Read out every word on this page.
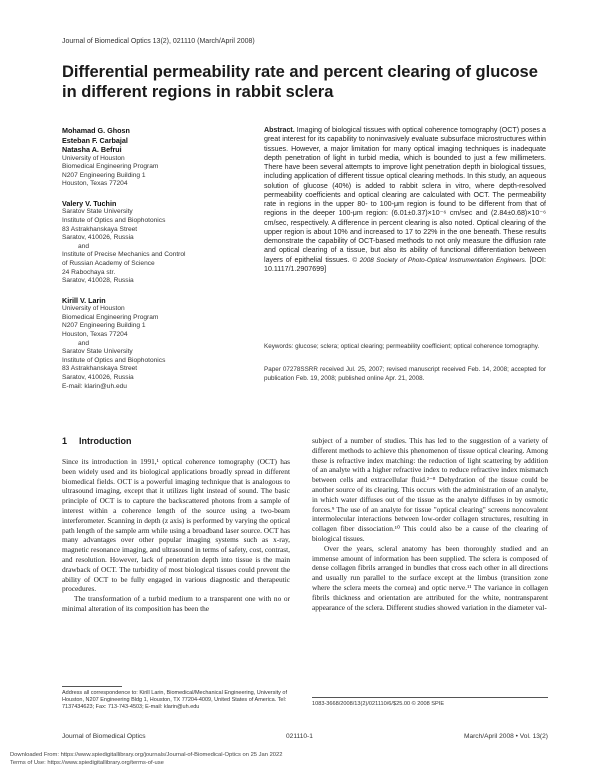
Journal of Biomedical Optics 13(2), 021110 (March/April 2008)
Differential permeability rate and percent clearing of glucose in different regions in rabbit sclera
Mohamad G. Ghosn
Esteban F. Carbajal
Natasha A. Befrui
University of Houston
Biomedical Engineering Program
N207 Engineering Building 1
Houston, Texas 77204
Valery V. Tuchin
Saratov State University
Institute of Optics and Biophotonics
83 Astrakhanskaya Street
Saratov, 410026, Russia
and
Institute of Precise Mechanics and Control
of Russian Academy of Science
24 Rabochaya str.
Saratov, 410028, Russia
Kirill V. Larin
University of Houston
Biomedical Engineering Program
N207 Engineering Building 1
Houston, Texas 77204
and
Saratov State University
Institute of Optics and Biophotonics
83 Astrakhanskaya Street
Saratov, 410026, Russia
E-mail: klarin@uh.edu
Abstract. Imaging of biological tissues with optical coherence tomography (OCT) poses a great interest for its capability to noninvasively evaluate subsurface microstructures within tissues. However, a major limitation for many optical imaging techniques is inadequate depth penetration of light in turbid media, which is bounded to just a few millimeters. There have been several attempts to improve light penetration depth in biological tissues, including application of different tissue optical clearing methods. In this study, an aqueous solution of glucose (40%) is added to rabbit sclera in vitro, where depth-resolved permeability coefficients and optical clearing are calculated with OCT. The permeability rate in regions in the upper 80- to 100-μm region is found to be different from that of regions in the deeper 100-μm region: (6.01±0.37)×10⁻⁶ cm/sec and (2.84±0.68)×10⁻⁶ cm/sec, respectively. A difference in percent clearing is also noted. Optical clearing of the upper region is about 10% and increased to 17 to 22% in the one beneath. These results demonstrate the capability of OCT-based methods to not only measure the diffusion rate and optical clearing of a tissue, but also its ability of functional differentiation between layers of epithelial tissues. © 2008 Society of Photo-Optical Instrumentation Engineers. [DOI: 10.1117/1.2907699]
Keywords: glucose; sclera; optical clearing; permeability coefficient; optical coherence tomography.
Paper 07278SSRR received Jul. 25, 2007; revised manuscript received Feb. 14, 2008; accepted for publication Feb. 19, 2008; published online Apr. 21, 2008.
1 Introduction

Since its introduction in 1991,¹ optical coherence tomography (OCT) has been widely used and its biological applications broadly spread in different biomedical fields. OCT is a powerful imaging technique that is analogous to ultrasound imaging, except that it utilizes light instead of sound. The basic principle of OCT is to capture the backscattered photons from a sample of interest within a coherence length of the source using a two-beam interferometer. Scanning in depth (z axis) is performed by varying the optical path length of the sample arm while using a broadband laser source. OCT has many advantages over other popular imaging systems such as x-ray, magnetic resonance imaging, and ultrasound in terms of safety, cost, contrast, and resolution. However, lack of penetration depth into tissue is the main drawback of OCT. The turbidity of most biological tissues could prevent the ability of OCT to be fully engaged in various diagnostic and therapeutic procedures.

The transformation of a turbid medium to a transparent one with no or minimal alteration of its composition has been the

subject of a number of studies. This has led to the suggestion of a variety of different methods to achieve this phenomenon of tissue optical clearing. Among these is refractive index matching: the reduction of light scattering by addition of an analyte with a higher refractive index to reduce refractive index mismatch between cells and extracellular fluid.²⁻⁸ Dehydration of the tissue could be another source of its clearing. This occurs with the administration of an analyte, in which water diffuses out of the tissue as the analyte diffuses in by osmotic forces.⁹ The use of an analyte for tissue "optical clearing" screens noncovalent intermolecular interactions between low-order collagen structures, resulting in collagen fiber dissociation.¹⁰ This could also be a cause of the clearing of biological tissues.

Over the years, scleral anatomy has been thoroughly studied and an immense amount of information has been supplied. The sclera is composed of dense collagen fibrils arranged in bundles that cross each other in all directions and usually run parallel to the surface except at the limbus (transition zone where the sclera meets the cornea) and optic nerve.¹¹ The variance in collagen fibrils thickness and orientation are attributed for the white, nontransparent appearance of the sclera. Different studies showed variation in the diameter val-

Address all correspondence to: Kirill Larin, Biomedical/Mechanical Engineering, University of Houston, N207 Engineering Bldg 1, Houston, TX 77204-4009, United States of America. Tel: 7137434623; Fax: 713-743-4503; E-mail: klarin@uh.edu
1083-3668/2008/13(2)/021110/6/$25.00 © 2008 SPIE
Journal of Biomedical Optics	021110-1	March/April 2008 • Vol. 13(2)
Downloaded From: https://www.spiedigitallibrary.org/journals/Journal-of-Biomedical-Optics on 25 Jan 2022
Terms of Use: https://www.spiedigitallibrary.org/terms-of-use
